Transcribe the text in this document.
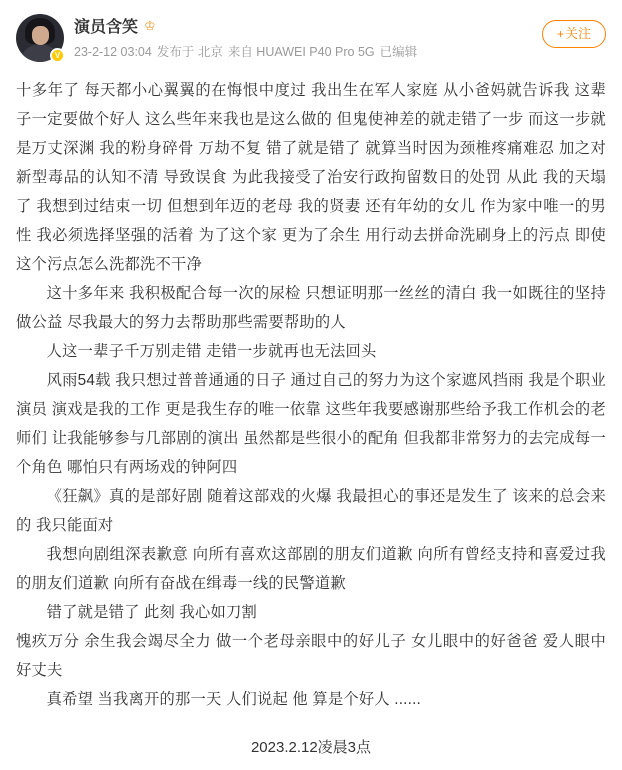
V
演员含笑 ♔
23-2-12 03:04 发布于 北京 来自 HUAWEI P40 Pro 5G 已编辑
+关注

十多年了 每天都小心翼翼的在悔恨中度过 我出生在军人家庭 从小爸妈就告诉我 这辈子一定要做个好人 这么些年来我也是这么做的 但鬼使神差的就走错了一步 而这一步就是万丈深渊 我的粉身碎骨 万劫不复 错了就是错了 就算当时因为颈椎疼痛难忍 加之对新型毒品的认知不清 导致误食 为此我接受了治安行政拘留数日的处罚 从此 我的天塌了 我想到过结束一切 但想到年迈的老母 我的贤妻 还有年幼的女儿 作为家中唯一的男性 我必须选择坚强的活着 为了这个家 更为了余生 用行动去拼命洗刷身上的污点 即使这个污点怎么洗都洗不干净

这十多年来 我积极配合每一次的尿检 只想证明那一丝丝的清白 我一如既往的坚持做公益 尽我最大的努力去帮助那些需要帮助的人

人这一辈子千万别走错 走错一步就再也无法回头

风雨54载 我只想过普普通通的日子 通过自己的努力为这个家遮风挡雨 我是个职业演员 演戏是我的工作 更是我生存的唯一依靠 这些年我要感谢那些给予我工作机会的老师们 让我能够参与几部剧的演出 虽然都是些很小的配角 但我都非常努力的去完成每一个角色 哪怕只有两场戏的钟阿四

《狂飙》真的是部好剧 随着这部戏的火爆 我最担心的事还是发生了 该来的总会来的 我只能面对

我想向剧组深表歉意 向所有喜欢这部剧的朋友们道歉 向所有曾经支持和喜爱过我的朋友们道歉 向所有奋战在缉毒一线的民警道歉

错了就是错了 此刻 我心如刀割

愧疚万分 余生我会竭尽全力 做一个老母亲眼中的好儿子 女儿眼中的好爸爸 爱人眼中好丈夫

真希望 当我离开的那一天 人们说起 他 算是个好人 ......

2023.2.12凌晨3点
